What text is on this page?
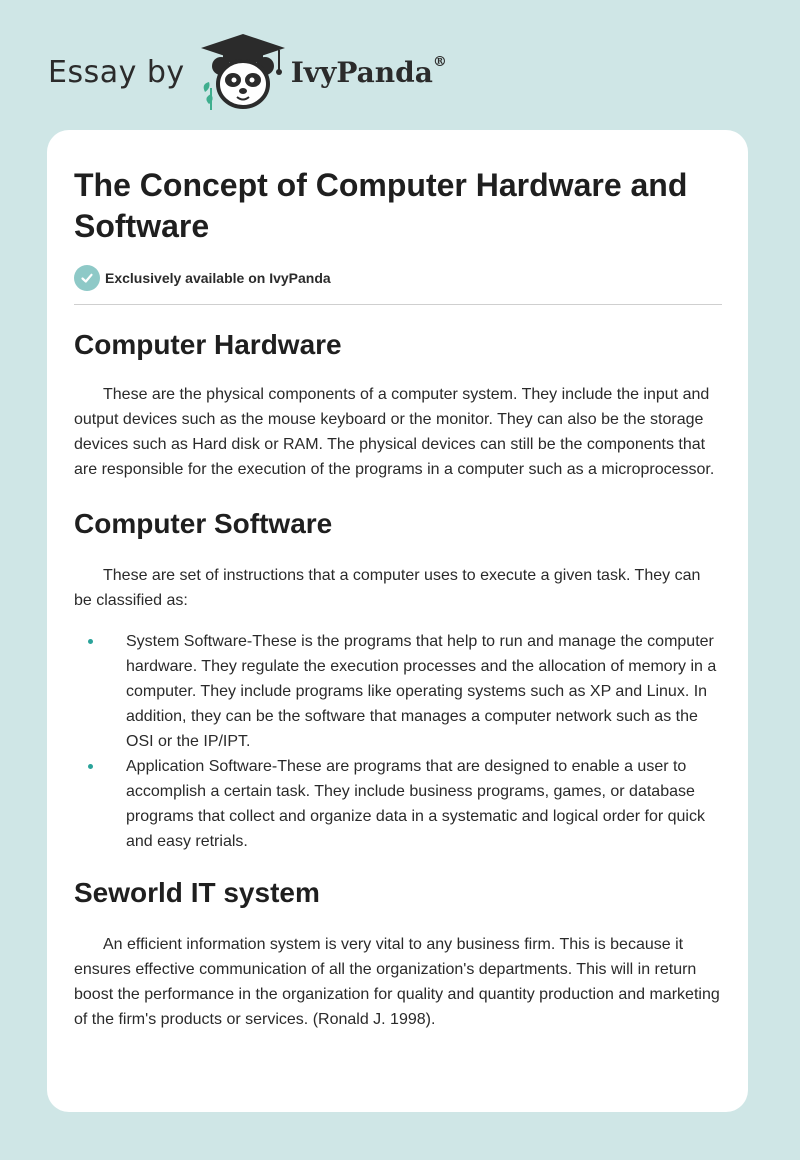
Essay by	IvyPanda®
The Concept of Computer Hardware and Software
Exclusively available on IvyPanda
Computer Hardware

These are the physical components of a computer system. They include the input and output devices such as the mouse keyboard or the monitor. They can also be the storage devices such as Hard disk or RAM. The physical devices can still be the components that are responsible for the execution of the programs in a computer such as a microprocessor.

Computer Software

These are set of instructions that a computer uses to execute a given task. They can be classified as:

System Software-These is the programs that help to run and manage the computer hardware. They regulate the execution processes and the allocation of memory in a computer. They include programs like operating systems such as XP and Linux. In addition, they can be the software that manages a computer network such as the OSI or the IP/IPT.
Application Software-These are programs that are designed to enable a user to accomplish a certain task. They include business programs, games, or database programs that collect and organize data in a systematic and logical order for quick and easy retrials.
Seworld IT system

An efficient information system is very vital to any business firm. This is because it ensures effective communication of all the organization's departments. This will in return boost the performance in the organization for quality and quantity production and marketing of the firm's products or services. (Ronald J. 1998).
